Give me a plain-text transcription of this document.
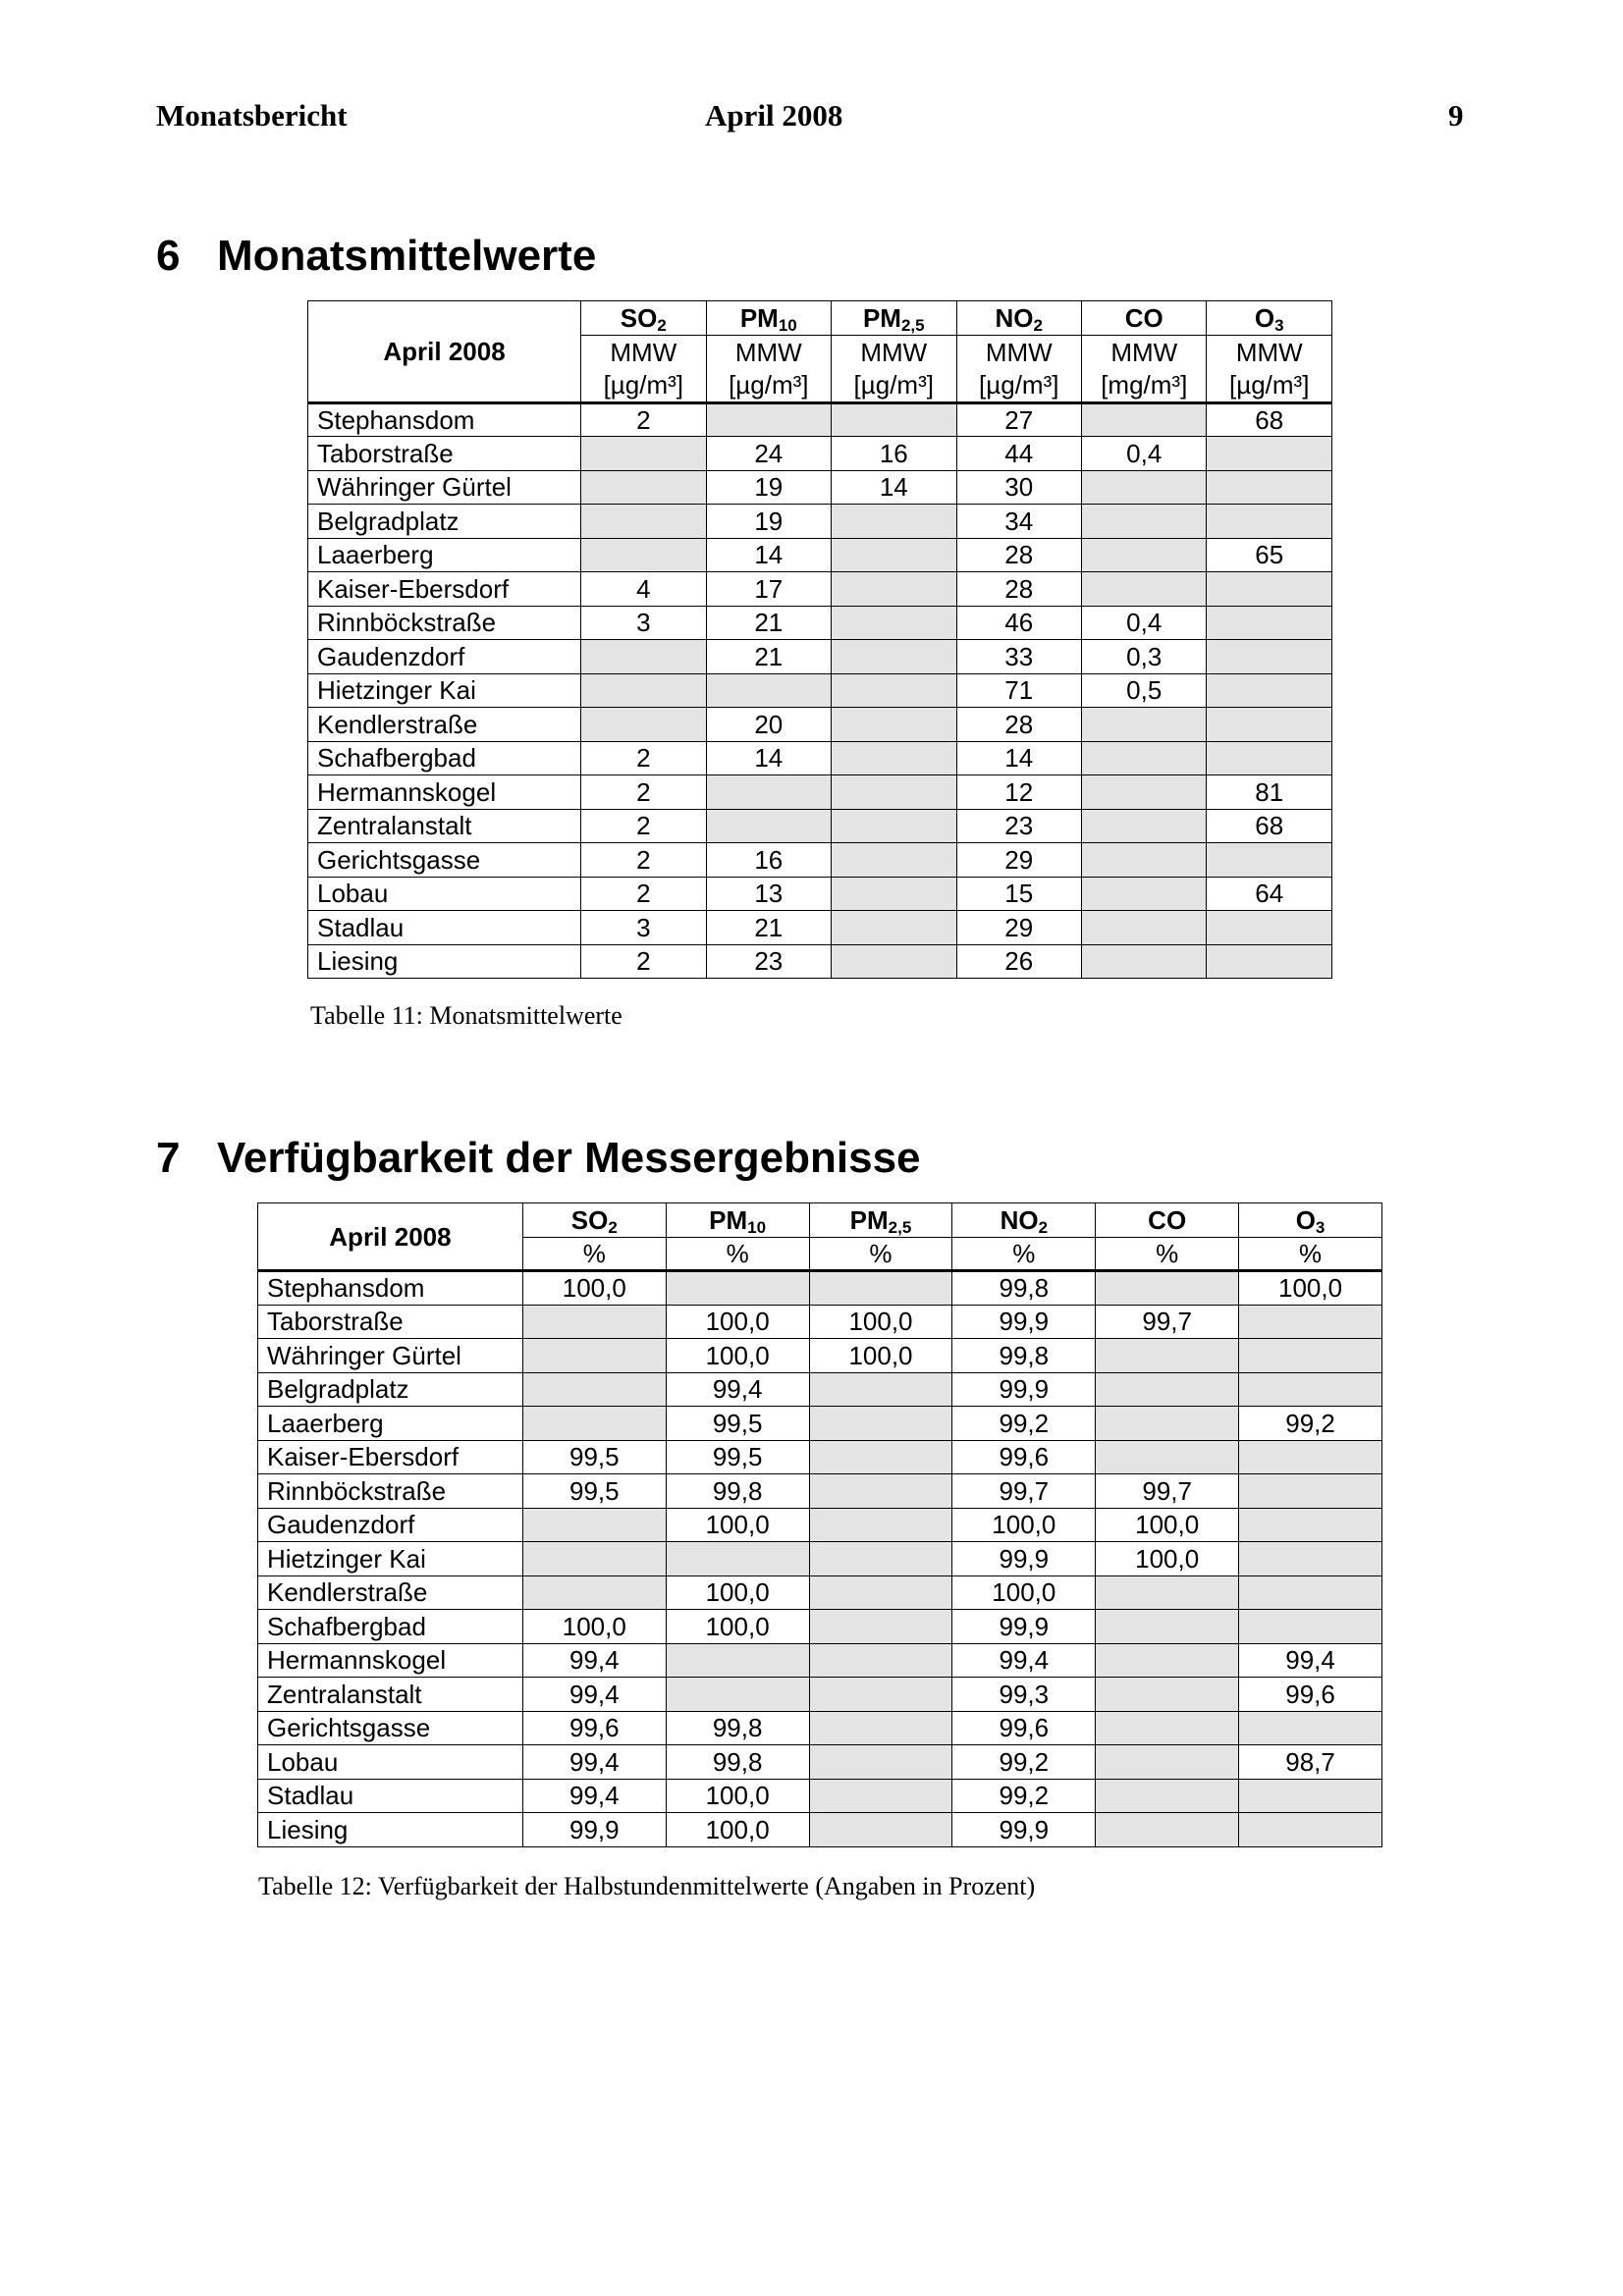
Monatsbericht	April 2008	9
6 Monatsmittelwerte
April 2008	$SO_2$	$PM_{10}$	$PM_{2,5}$	$NO_2$	CO	$O_3$
	MMW	MMW	MMW	MMW	MMW	MMW
	[µg/m³]	[µg/m³]	[µg/m³]	[µg/m³]	[mg/m³]	[µg/m³]
Stephansdom	2			27		68
Taborstraße		24	16	44	0,4	
Währinger Gürtel		19	14	30		
Belgradplatz		19		34		
Laaerberg		14		28		65
Kaiser-Ebersdorf	4	17		28		
Rinnböckstraße	3	21		46	0,4	
Gaudenzdorf		21		33	0,3	
Hietzinger Kai				71	0,5	
Kendlerstraße		20		28		
Schafbergbad	2	14		14		
Hermannskogel	2			12		81
Zentralanstalt	2			23		68
Gerichtsgasse	2	16		29		
Lobau	2	13		15		64
Stadlau	3	21		29		
Liesing	2	23		26		
Tabelle 11: Monatsmittelwerte
7 Verfügbarkeit der Messergebnisse
April 2008	$SO_2$	$PM_{10}$	$PM_{2,5}$	$NO_2$	CO	$O_3$
	%	%	%	%	%	%
Stephansdom	100,0			99,8		100,0
Taborstraße		100,0	100,0	99,9	99,7	
Währinger Gürtel		100,0	100,0	99,8		
Belgradplatz		99,4		99,9		
Laaerberg		99,5		99,2		99,2
Kaiser-Ebersdorf	99,5	99,5		99,6		
Rinnböckstraße	99,5	99,8		99,7	99,7	
Gaudenzdorf		100,0		100,0	100,0	
Hietzinger Kai				99,9	100,0	
Kendlerstraße		100,0		100,0		
Schafbergbad	100,0	100,0		99,9		
Hermannskogel	99,4			99,4		99,4
Zentralanstalt	99,4			99,3		99,6
Gerichtsgasse	99,6	99,8		99,6		
Lobau	99,4	99,8		99,2		98,7
Stadlau	99,4	100,0		99,2		
Liesing	99,9	100,0		99,9		
Tabelle 12: Verfügbarkeit der Halbstundenmittelwerte (Angaben in Prozent)
